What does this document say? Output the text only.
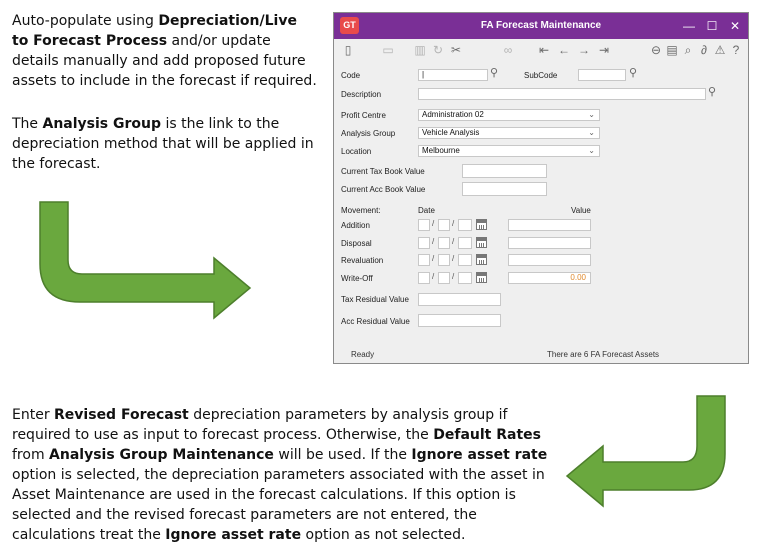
Auto-populate using Depreciation/Live to Forecast Process and/or update details manually and add proposed future assets to include in the forecast if required.
The Analysis Group is the link to the depreciation method that will be applied in the forecast.
Enter Revised Forecast depreciation parameters by analysis group if required to use as input to forecast process. Otherwise, the Default Rates from Analysis Group Maintenance will be used. If the Ignore asset rate option is selected, the depreciation parameters associated with the asset in Asset Maintenance are used in the forecast calculations. If this option is selected and the revised forecast parameters are not entered, the calculations treat the Ignore asset rate option as not selected.
GT	FA Forecast Maintenance	— ☐	✕
▯	▭ ▥ ↻ ✂	∞	⇤ ← → ⇥	⊖ ▤ ⌕ ∂ ⚠ ?
Code	|	⚲	SubCode	⚲
Description	⚲
Profit Centre	Administration 02	⌄
Analysis Group	Vehicle Analysis	⌄
Location	Melbourne	⌄
Current Tax Book Value
Current Acc Book Value
Movement:	Date	Value
Addition	/ /
Disposal	/ /
Revaluation	/ /
Write-Off	/ /	0.00
Tax Residual Value
Acc Residual Value
Ready	There are 6 FA Forecast Assets
